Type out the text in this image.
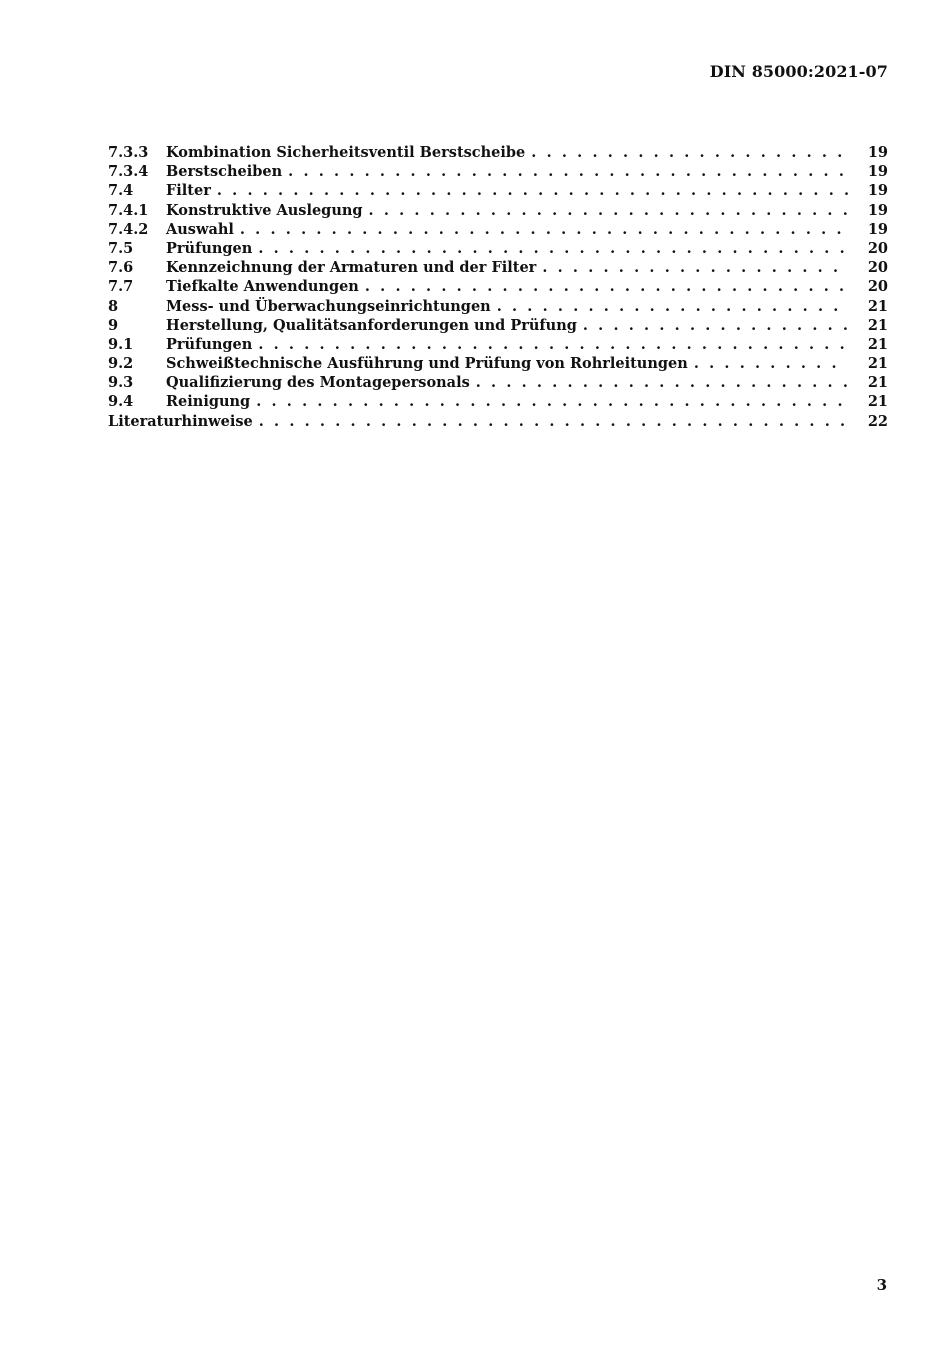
DIN 85000:2021-07
7.3.3	Kombination Sicherheitsventil Berstscheibe . . .	19
7.3.4	Berstscheiben . . .	19
7.4	Filter . . .	19
7.4.1	Konstruktive Auslegung . . .	19
7.4.2	Auswahl . . .	19
7.5	Prüfungen . . .	20
7.6	Kennzeichnung der Armaturen und der Filter . . .	20
7.7	Tiefkalte Anwendungen . . .	20
8	Mess- und Überwachungseinrichtungen . . .	21
9	Herstellung, Qualitätsanforderungen und Prüfung . . .	21
9.1	Prüfungen . . .	21
9.2	Schweißtechnische Ausführung und Prüfung von Rohrleitungen . . .	21
9.3	Qualifizierung des Montagepersonals . . .	21
9.4	Reinigung . . .	21
Literaturhinweise . . .	22
3
